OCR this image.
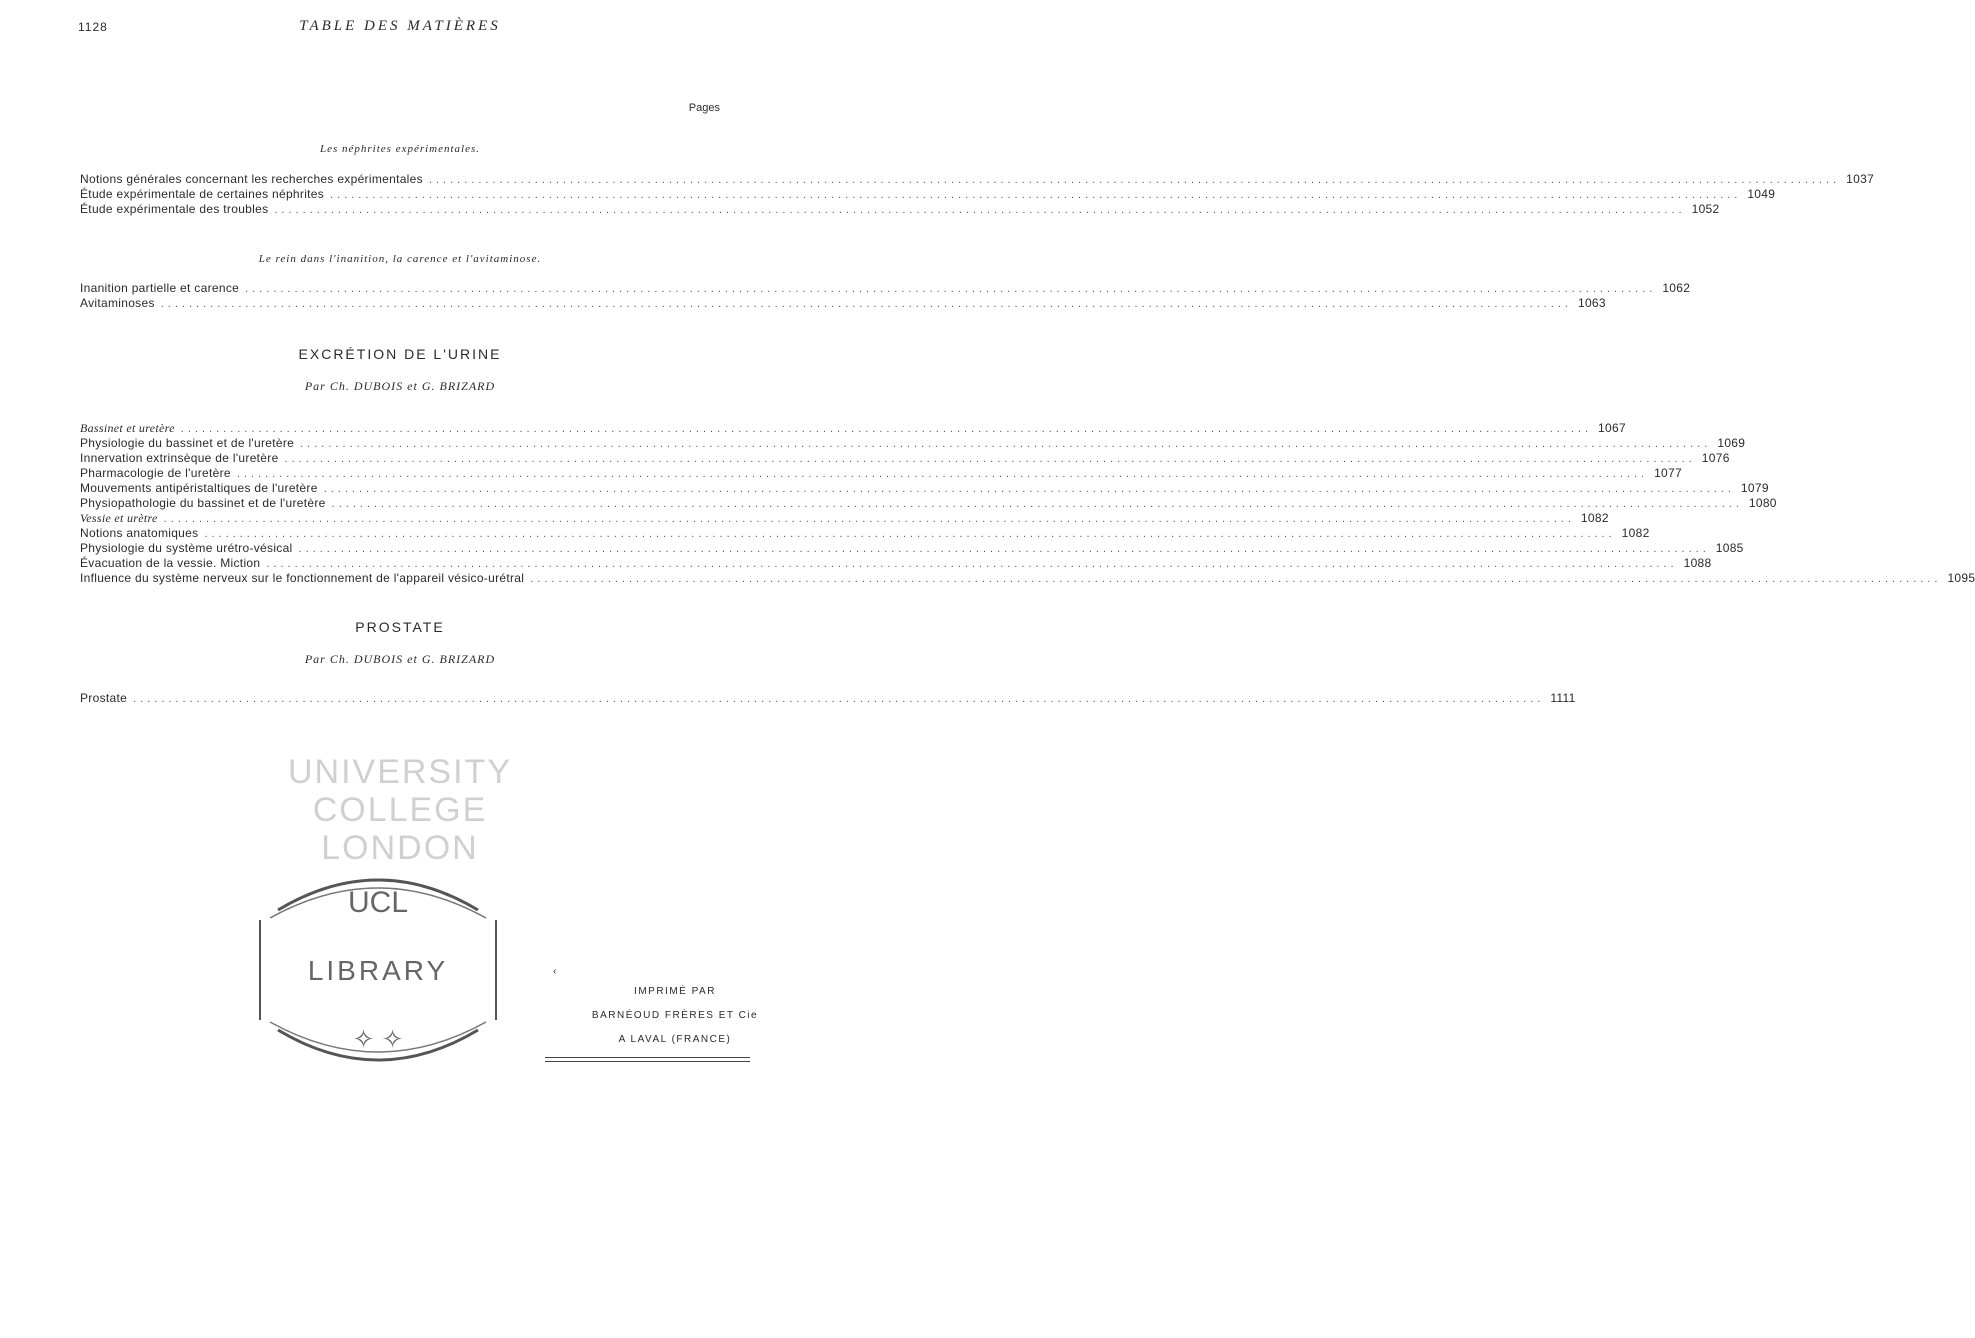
1128	TABLE DES MATIÈRES
Pages
Les néphrites expérimentales.
Notions générales concernant les recherches expérimentales ........................................................................................................................................................................................................ 1037
Étude expérimentale de certaines néphrites ........................................................................................................................................................................................................ 1049
Étude expérimentale des troubles ........................................................................................................................................................................................................ 1052
Le rein dans l'inanition, la carence et l'avitaminose.
Inanition partielle et carence ........................................................................................................................................................................................................ 1062
Avitaminoses ........................................................................................................................................................................................................ 1063
EXCRÉTION DE L'URINE
Par Ch. DUBOIS et G. BRIZARD
Bassinet et uretère ........................................................................................................................................................................................................ 1067
Physiologie du bassinet et de l'uretère ........................................................................................................................................................................................................ 1069
Innervation extrinsèque de l'uretère ........................................................................................................................................................................................................ 1076
Pharmacologie de l'uretère ........................................................................................................................................................................................................ 1077
Mouvements antipéristaltiques de l'uretère ........................................................................................................................................................................................................ 1079
Physiopathologie du bassinet et de l'uretère ........................................................................................................................................................................................................ 1080
Vessie et urètre ........................................................................................................................................................................................................ 1082
Notions anatomiques ........................................................................................................................................................................................................ 1082
Physiologie du système urétro-vésical ........................................................................................................................................................................................................ 1085
Évacuation de la vessie. Miction ........................................................................................................................................................................................................ 1088
Influence du système nerveux sur le fonctionnement de l'appareil vésico-urétral ........................................................................................................................................................................................................ 1095
PROSTATE
Par Ch. DUBOIS et G. BRIZARD
Prostate ........................................................................................................................................................................................................ 1111
UNIVERSITY
COLLEGE
LONDON
UCL
LIBRARY
✧ ✧
‹
IMPRIMÉ PAR
BARNÉOUD FRÈRES ET Cie
A LAVAL (FRANCE)
